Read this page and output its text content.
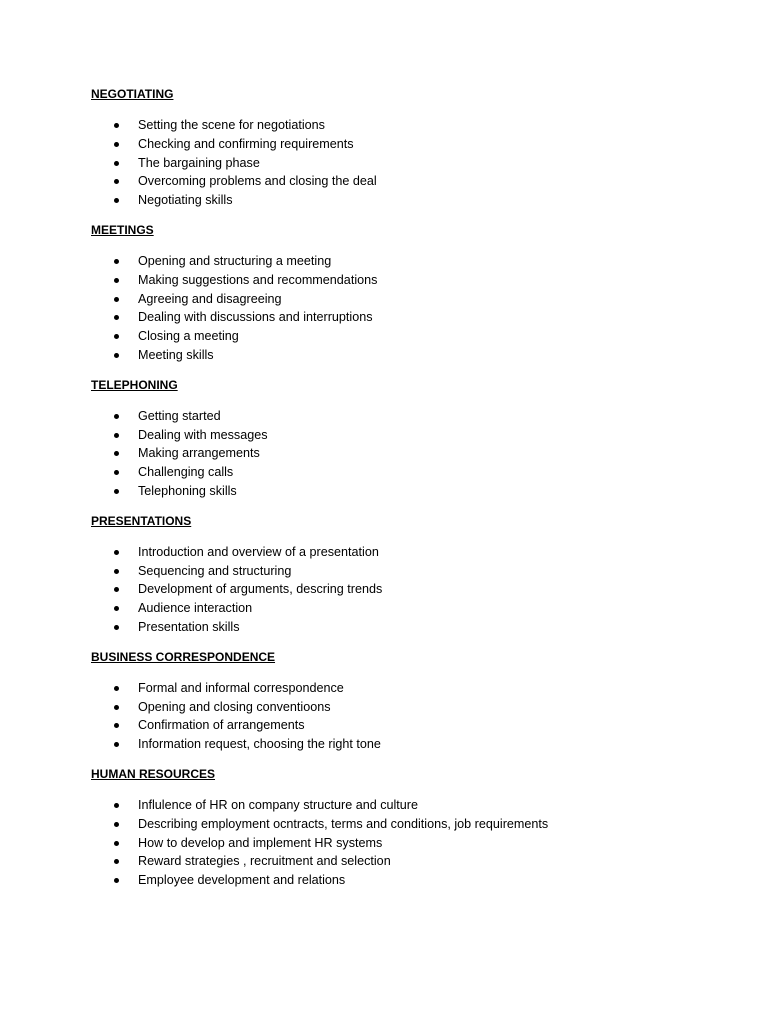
NEGOTIATING
Setting the scene for negotiations
Checking and confirming requirements
The bargaining phase
Overcoming problems and closing the deal
Negotiating skills
MEETINGS
Opening and structuring a meeting
Making suggestions and recommendations
Agreeing and disagreeing
Dealing with discussions and interruptions
Closing a meeting
Meeting skills
TELEPHONING
Getting started
Dealing with messages
Making arrangements
Challenging calls
Telephoning skills
PRESENTATIONS
Introduction and overview of a presentation
Sequencing and structuring
Development of arguments, descring trends
Audience interaction
Presentation skills
BUSINESS CORRESPONDENCE
Formal and informal correspondence
Opening and closing conventioons
Confirmation of arrangements
Information request, choosing the right tone
HUMAN RESOURCES
Influlence of HR on company structure and culture
Describing employment ocntracts, terms and conditions, job requirements
How to develop and implement HR systems
Reward strategies , recruitment and selection
Employee development and relations
